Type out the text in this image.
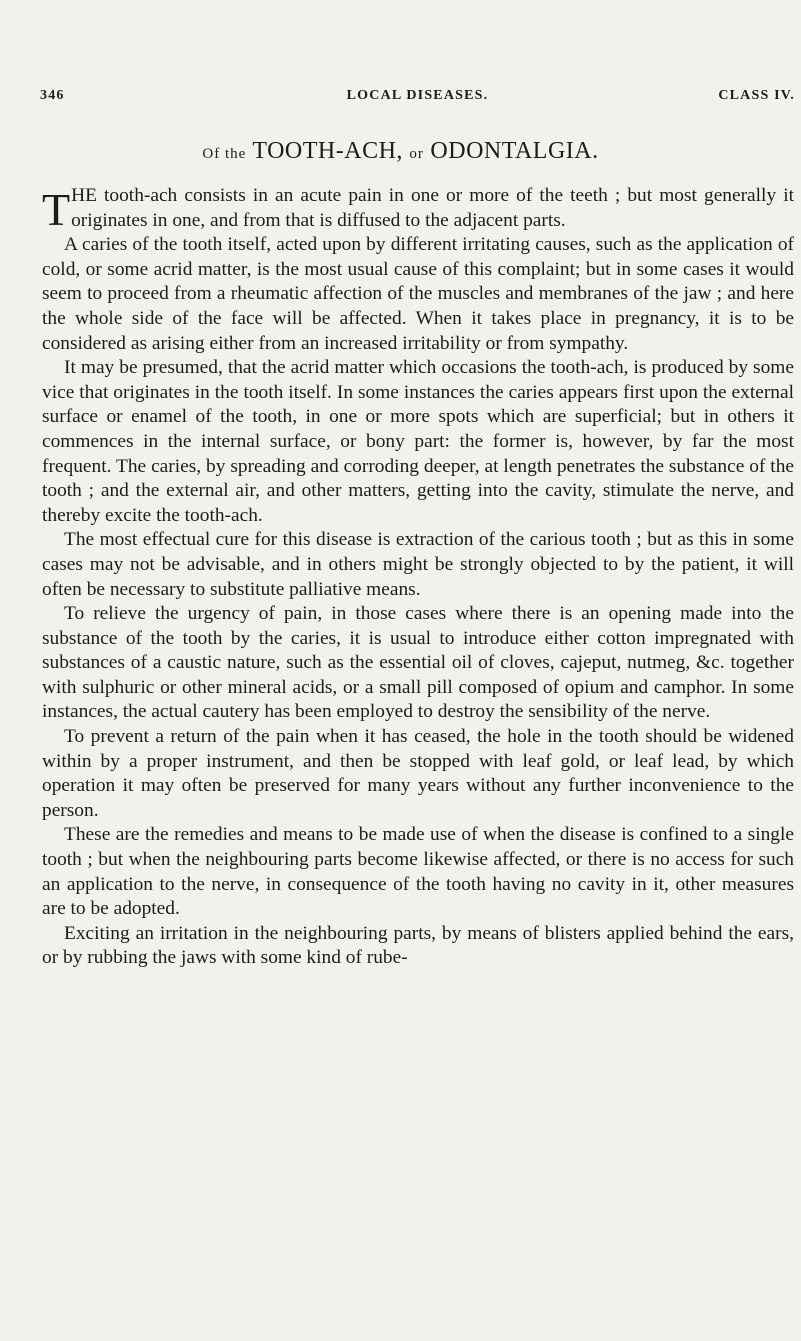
346	LOCAL DISEASES.	CLASS IV.
Of the TOOTH-ACH, or ODONTALGIA.

THE tooth-ach consists in an acute pain in one or more of the teeth ; but most generally it originates in one, and from that is diffused to the adjacent parts.

A caries of the tooth itself, acted upon by different irritating causes, such as the application of cold, or some acrid matter, is the most usual cause of this complaint; but in some cases it would seem to proceed from a rheumatic affection of the muscles and membranes of the jaw ; and here the whole side of the face will be affected. When it takes place in pregnancy, it is to be considered as arising either from an increased irritability or from sympathy.

It may be presumed, that the acrid matter which occasions the tooth-ach, is produced by some vice that originates in the tooth itself. In some instances the caries appears first upon the external surface or enamel of the tooth, in one or more spots which are superficial; but in others it commences in the internal surface, or bony part: the former is, however, by far the most frequent. The caries, by spreading and corroding deeper, at length penetrates the substance of the tooth ; and the external air, and other matters, getting into the cavity, stimulate the nerve, and thereby excite the tooth-ach.

The most effectual cure for this disease is extraction of the carious tooth ; but as this in some cases may not be advisable, and in others might be strongly objected to by the patient, it will often be necessary to substitute palliative means.

To relieve the urgency of pain, in those cases where there is an opening made into the substance of the tooth by the caries, it is usual to introduce either cotton impregnated with substances of a caustic nature, such as the essential oil of cloves, cajeput, nutmeg, &c. together with sulphuric or other mineral acids, or a small pill composed of opium and camphor. In some instances, the actual cautery has been employed to destroy the sensibility of the nerve.

To prevent a return of the pain when it has ceased, the hole in the tooth should be widened within by a proper instrument, and then be stopped with leaf gold, or leaf lead, by which operation it may often be preserved for many years without any further inconvenience to the person.

These are the remedies and means to be made use of when the disease is confined to a single tooth ; but when the neighbouring parts become likewise affected, or there is no access for such an application to the nerve, in consequence of the tooth having no cavity in it, other measures are to be adopted.

Exciting an irritation in the neighbouring parts, by means of blisters applied behind the ears, or by rubbing the jaws with some kind of rube-
